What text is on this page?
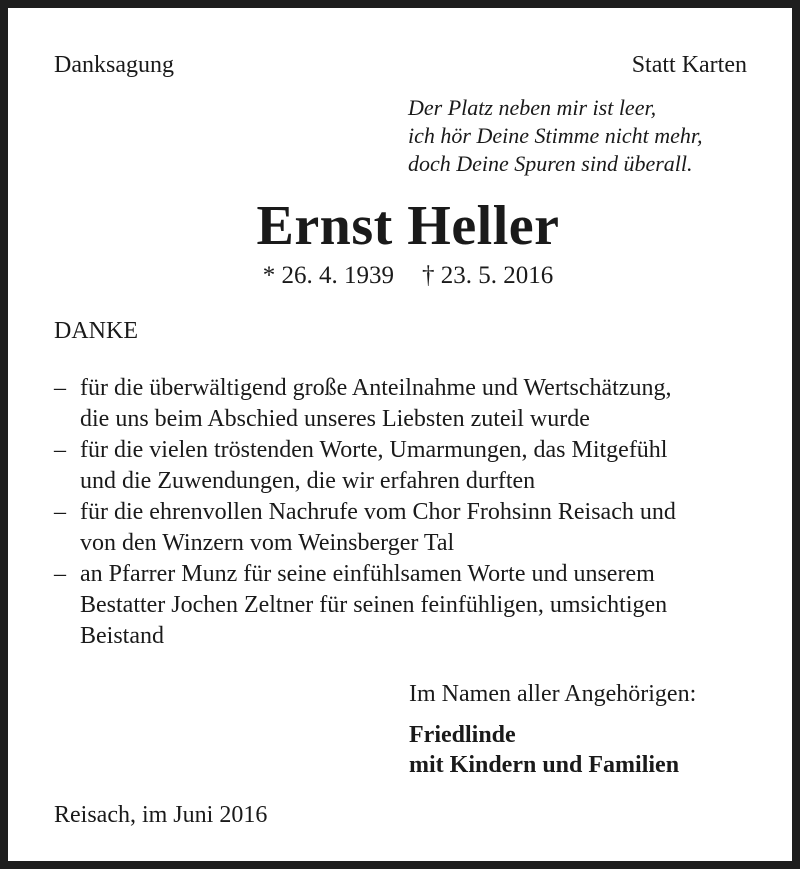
Danksagung	Statt Karten
Der Platz neben mir ist leer,
ich hör Deine Stimme nicht mehr,
doch Deine Spuren sind überall.
Ernst Heller
* 26. 4. 1939 † 23. 5. 2016
DANKE
– für die überwältigend große Anteilnahme und Wertschätzung,
die uns beim Abschied unseres Liebsten zuteil wurde
– für die vielen tröstenden Worte, Umarmungen, das Mitgefühl
und die Zuwendungen, die wir erfahren durften
– für die ehrenvollen Nachrufe vom Chor Frohsinn Reisach und
von den Winzern vom Weinsberger Tal
– an Pfarrer Munz für seine einfühlsamen Worte und unserem
Bestatter Jochen Zeltner für seinen feinfühligen, umsichtigen
Beistand
Im Namen aller Angehörigen:
Friedlinde
mit Kindern und Familien
Reisach, im Juni 2016
